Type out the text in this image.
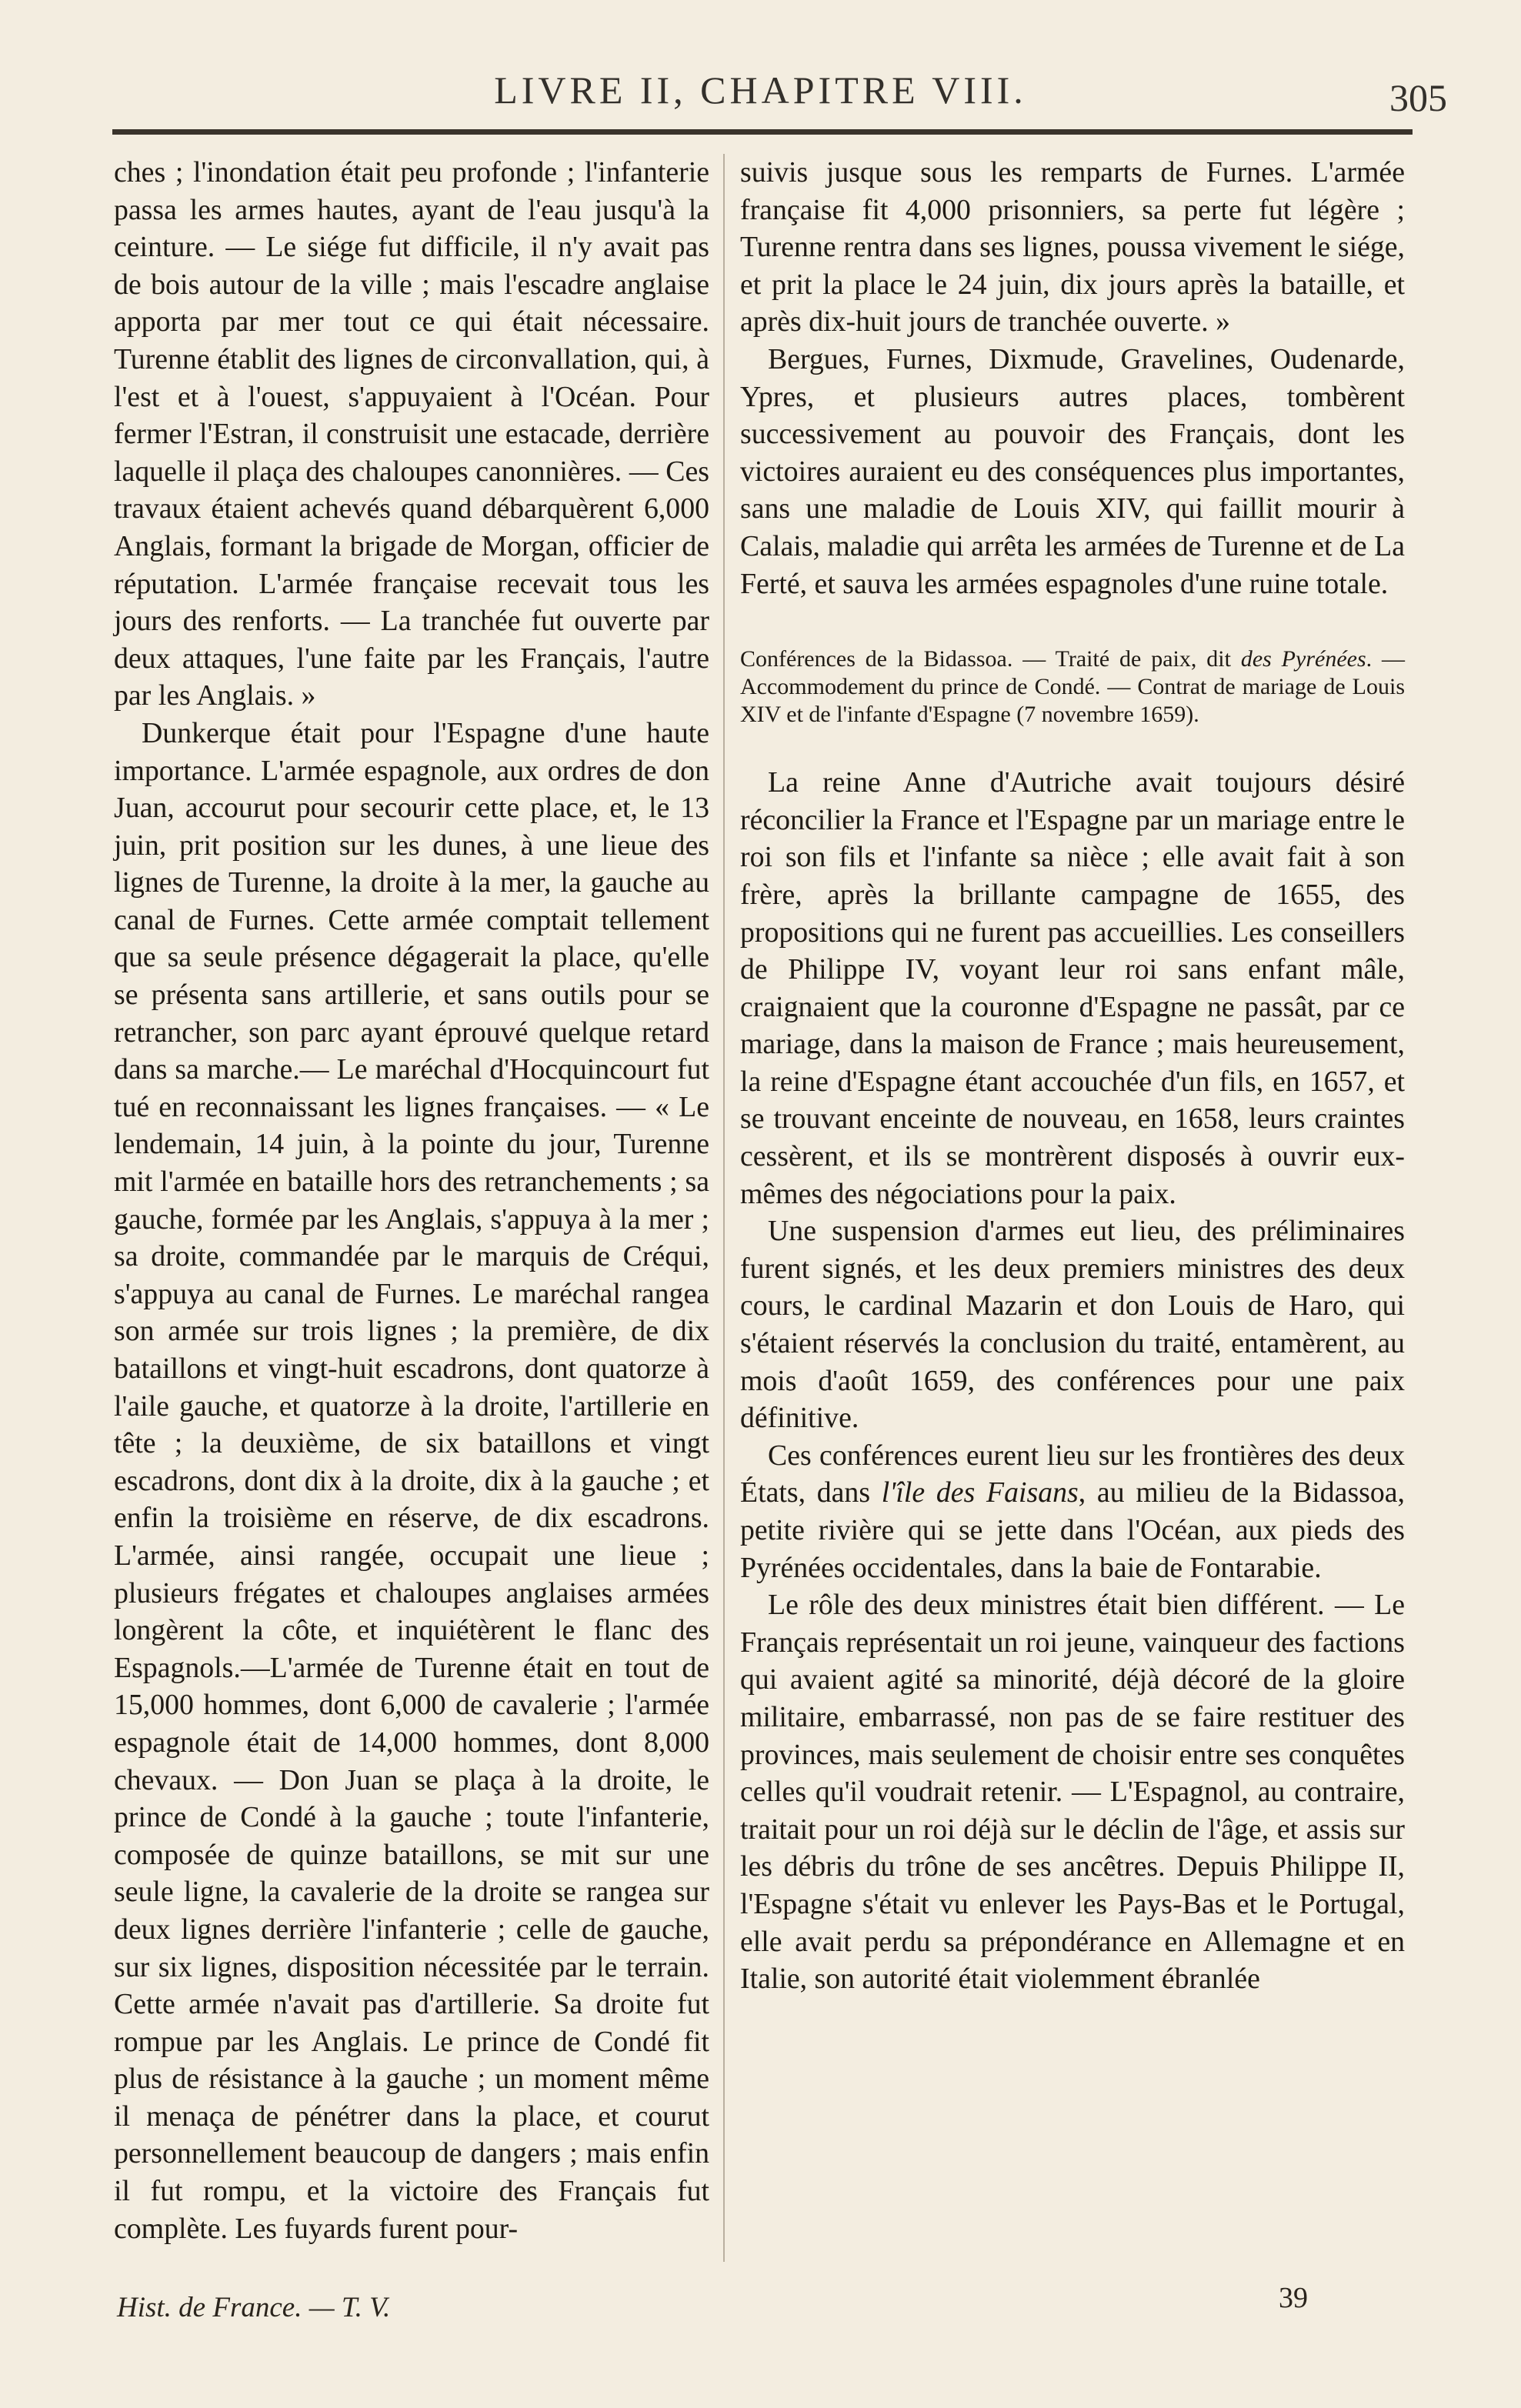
LIVRE II, CHAPITRE VIII.	305

ches ; l'inondation était peu profonde ; l'infanterie passa les armes hautes, ayant de l'eau jusqu'à la ceinture. — Le siége fut difficile, il n'y avait pas de bois autour de la ville ; mais l'escadre anglaise apporta par mer tout ce qui était nécessaire. Turenne établit des lignes de circonvallation, qui, à l'est et à l'ouest, s'appuyaient à l'Océan. Pour fermer l'Estran, il construisit une estacade, derrière laquelle il plaça des chaloupes canonnières. — Ces travaux étaient achevés quand débarquèrent 6,000 Anglais, formant la brigade de Morgan, officier de réputation. L'armée française recevait tous les jours des renforts. — La tranchée fut ouverte par deux attaques, l'une faite par les Français, l'autre par les Anglais. »

Dunkerque était pour l'Espagne d'une haute importance. L'armée espagnole, aux ordres de don Juan, accourut pour secourir cette place, et, le 13 juin, prit position sur les dunes, à une lieue des lignes de Turenne, la droite à la mer, la gauche au canal de Furnes. Cette armée comptait tellement que sa seule présence dégagerait la place, qu'elle se présenta sans artillerie, et sans outils pour se retrancher, son parc ayant éprouvé quelque retard dans sa marche.— Le maréchal d'Hocquincourt fut tué en reconnaissant les lignes françaises. — « Le lendemain, 14 juin, à la pointe du jour, Turenne mit l'armée en bataille hors des retranchements ; sa gauche, formée par les Anglais, s'appuya à la mer ; sa droite, commandée par le marquis de Créqui, s'appuya au canal de Furnes. Le maréchal rangea son armée sur trois lignes ; la première, de dix bataillons et vingt-huit escadrons, dont quatorze à l'aile gauche, et quatorze à la droite, l'artillerie en tête ; la deuxième, de six bataillons et vingt escadrons, dont dix à la droite, dix à la gauche ; et enfin la troisième en réserve, de dix escadrons. L'armée, ainsi rangée, occupait une lieue ; plusieurs frégates et chaloupes anglaises armées longèrent la côte, et inquiétèrent le flanc des Espagnols.—L'armée de Turenne était en tout de 15,000 hommes, dont 6,000 de cavalerie ; l'armée espagnole était de 14,000 hommes, dont 8,000 chevaux. — Don Juan se plaça à la droite, le prince de Condé à la gauche ; toute l'infanterie, composée de quinze bataillons, se mit sur une seule ligne, la cavalerie de la droite se rangea sur deux lignes derrière l'infanterie ; celle de gauche, sur six lignes, disposition nécessitée par le terrain. Cette armée n'avait pas d'artillerie. Sa droite fut rompue par les Anglais. Le prince de Condé fit plus de résistance à la gauche ; un moment même il menaça de pénétrer dans la place, et courut personnellement beaucoup de dangers ; mais enfin il fut rompu, et la victoire des Français fut complète. Les fuyards furent pour-

suivis jusque sous les remparts de Furnes. L'armée française fit 4,000 prisonniers, sa perte fut légère ; Turenne rentra dans ses lignes, poussa vivement le siége, et prit la place le 24 juin, dix jours après la bataille, et après dix-huit jours de tranchée ouverte. »

Bergues, Furnes, Dixmude, Gravelines, Oudenarde, Ypres, et plusieurs autres places, tombèrent successivement au pouvoir des Français, dont les victoires auraient eu des conséquences plus importantes, sans une maladie de Louis XIV, qui faillit mourir à Calais, maladie qui arrêta les armées de Turenne et de La Ferté, et sauva les armées espagnoles d'une ruine totale.

Conférences de la Bidassoa. — Traité de paix, dit des Pyrénées. — Accommodement du prince de Condé. — Contrat de mariage de Louis XIV et de l'infante d'Espagne (7 novembre 1659).

La reine Anne d'Autriche avait toujours désiré réconcilier la France et l'Espagne par un mariage entre le roi son fils et l'infante sa nièce ; elle avait fait à son frère, après la brillante campagne de 1655, des propositions qui ne furent pas accueillies. Les conseillers de Philippe IV, voyant leur roi sans enfant mâle, craignaient que la couronne d'Espagne ne passât, par ce mariage, dans la maison de France ; mais heureusement, la reine d'Espagne étant accouchée d'un fils, en 1657, et se trouvant enceinte de nouveau, en 1658, leurs craintes cessèrent, et ils se montrèrent disposés à ouvrir eux-mêmes des négociations pour la paix.

Une suspension d'armes eut lieu, des préliminaires furent signés, et les deux premiers ministres des deux cours, le cardinal Mazarin et don Louis de Haro, qui s'étaient réservés la conclusion du traité, entamèrent, au mois d'août 1659, des conférences pour une paix définitive.

Ces conférences eurent lieu sur les frontières des deux États, dans l'île des Faisans, au milieu de la Bidassoa, petite rivière qui se jette dans l'Océan, aux pieds des Pyrénées occidentales, dans la baie de Fontarabie.

Le rôle des deux ministres était bien différent. — Le Français représentait un roi jeune, vainqueur des factions qui avaient agité sa minorité, déjà décoré de la gloire militaire, embarrassé, non pas de se faire restituer des provinces, mais seulement de choisir entre ses conquêtes celles qu'il voudrait retenir. — L'Espagnol, au contraire, traitait pour un roi déjà sur le déclin de l'âge, et assis sur les débris du trône de ses ancêtres. Depuis Philippe II, l'Espagne s'était vu enlever les Pays-Bas et le Portugal, elle avait perdu sa prépondérance en Allemagne et en Italie, son autorité était violemment ébranlée

Hist. de France. — T. V.	39
